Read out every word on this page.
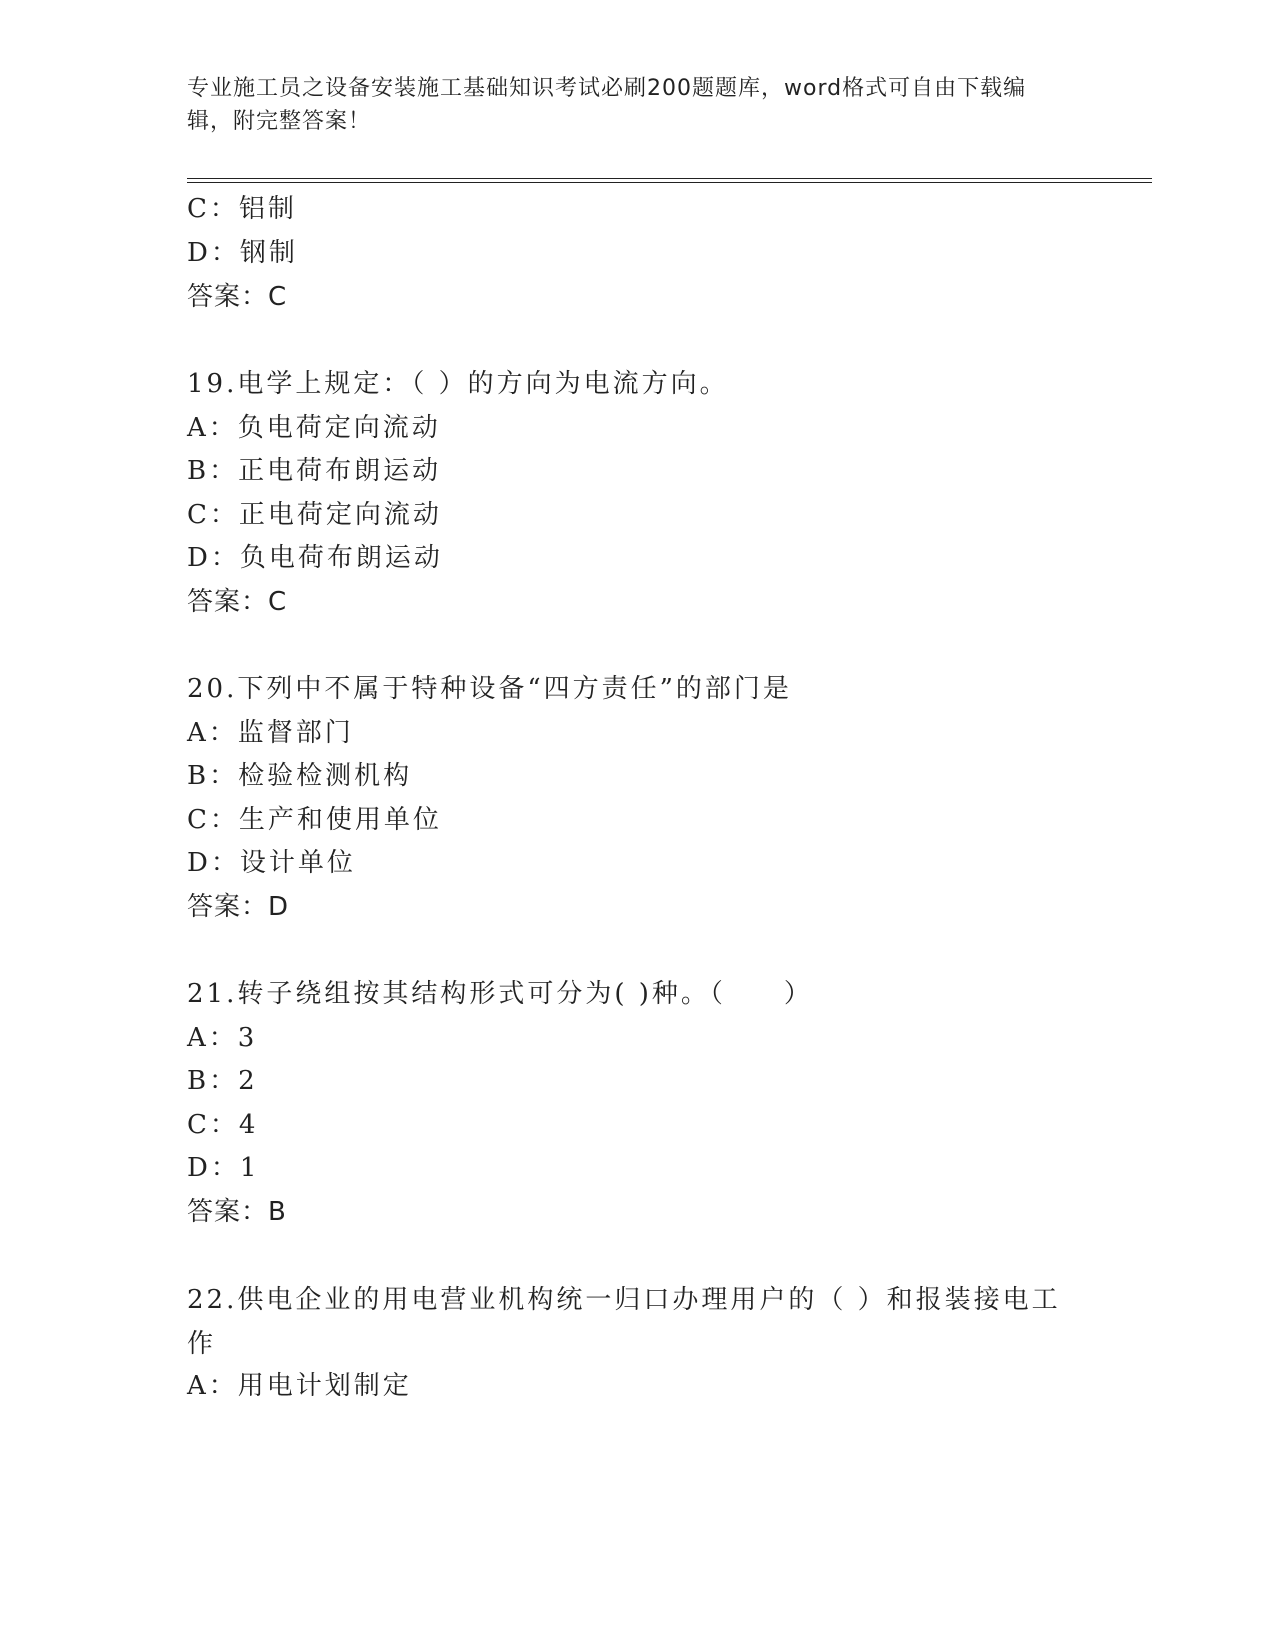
专业施工员之设备安装施工基础知识考试必刷200题题库，word格式可自由下载编辑，附完整答案！
C：铝制
D：钢制
答案：C
19.电学上规定：（ ）的方向为电流方向。
A：负电荷定向流动
B：正电荷布朗运动
C：正电荷定向流动
D：负电荷布朗运动
答案：C
20.下列中不属于特种设备“四方责任”的部门是
A：监督部门
B：检验检测机构
C：生产和使用单位
D：设计单位
答案：D
21.转子绕组按其结构形式可分为( )种。（　　）
A：3
B：2
C：4
D：1
答案：B
22.供电企业的用电营业机构统一归口办理用户的（ ）和报装接电工作
A：用电计划制定
